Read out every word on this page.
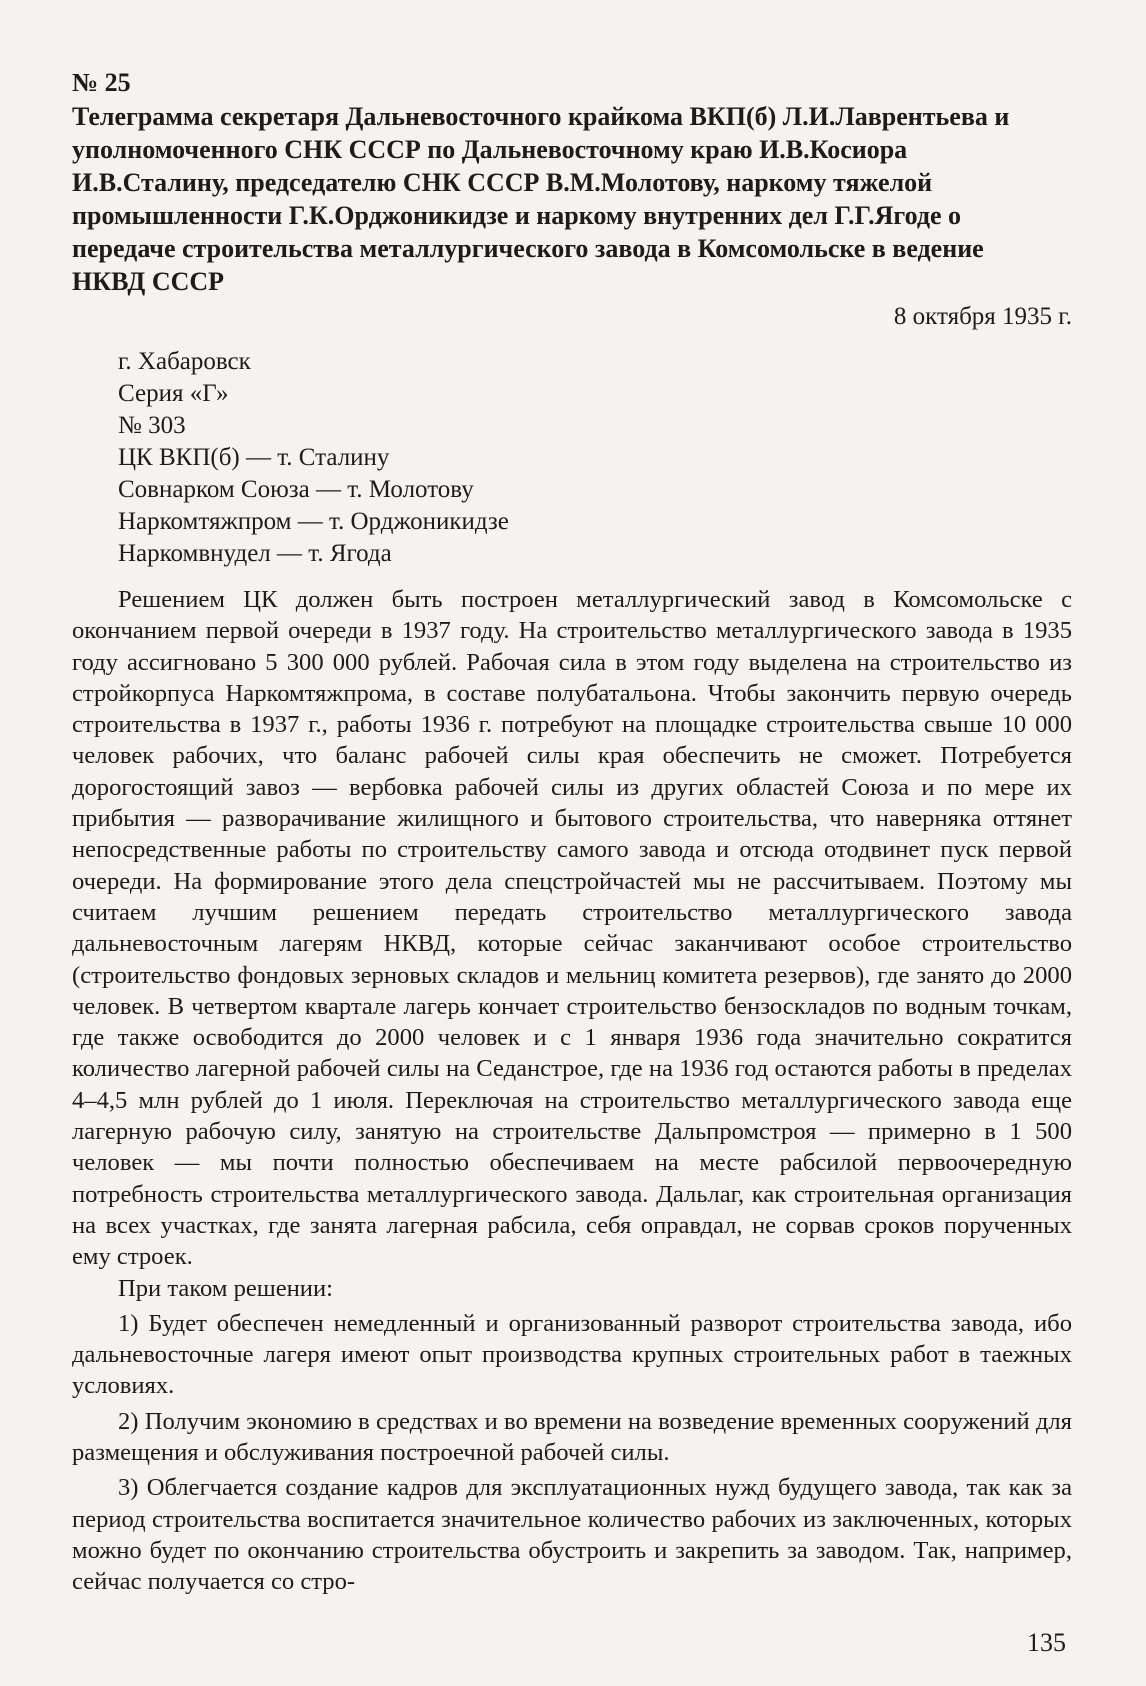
№ 25

Телеграмма секретаря Дальневосточного крайкома ВКП(б) Л.И.Лаврентьева и уполномоченного СНК СССР по Дальневосточному краю И.В.Косиора И.В.Сталину, председателю СНК СССР В.М.Молотову, наркому тяжелой промышленности Г.К.Орджоникидзе и наркому внутренних дел Г.Г.Ягоде о передаче строительства металлургического завода в Комсомольске в ведение НКВД СССР

8 октября 1935 г.

г. Хабаровск
Серия «Г»
№ 303
ЦК ВКП(б) — т. Сталину
Совнарком Союза — т. Молотову
Наркомтяжпром — т. Орджоникидзе
Наркомвнудел — т. Ягода

Решением ЦК должен быть построен металлургический завод в Комсомольске с окончанием первой очереди в 1937 году. На строительство металлургического завода в 1935 году ассигновано 5 300 000 рублей. Рабочая сила в этом году выделена на строительство из стройкорпуса Наркомтяжпрома, в составе полубатальона. Чтобы закончить первую очередь строительства в 1937 г., работы 1936 г. потребуют на площадке строительства свыше 10 000 человек рабочих, что баланс рабочей силы края обеспечить не сможет. Потребуется дорогостоящий завоз — вербовка рабочей силы из других областей Союза и по мере их прибытия — разворачивание жилищного и бытового строительства, что наверняка оттянет непосредственные работы по строительству самого завода и отсюда отодвинет пуск первой очереди. На формирование этого дела спецстройчастей мы не рассчитываем. Поэтому мы считаем лучшим решением передать строительство металлургического завода дальневосточным лагерям НКВД, которые сейчас заканчивают особое строительство (строительство фондовых зерновых складов и мельниц комитета резервов), где занято до 2000 человек. В четвертом квартале лагерь кончает строительство бензоскладов по водным точкам, где также освободится до 2000 человек и с 1 января 1936 года значительно сократится количество лагерной рабочей силы на Седанстрое, где на 1936 год остаются работы в пределах 4–4,5 млн рублей до 1 июля. Переключая на строительство металлургического завода еще лагерную рабочую силу, занятую на строительстве Дальпромстроя — примерно в 1 500 человек — мы почти полностью обеспечиваем на месте рабсилой первоочередную потребность строительства металлургического завода. Дальлаг, как строительная организация на всех участках, где занята лагерная рабсила, себя оправдал, не сорвав сроков порученных ему строек.

При таком решении:

1) Будет обеспечен немедленный и организованный разворот строительства завода, ибо дальневосточные лагеря имеют опыт производства крупных строительных работ в таежных условиях.

2) Получим экономию в средствах и во времени на возведение временных сооружений для размещения и обслуживания построечной рабочей силы.

3) Облегчается создание кадров для эксплуатационных нужд будущего завода, так как за период строительства воспитается значительное количество рабочих из заключенных, которых можно будет по окончанию строительства обустроить и закрепить за заводом. Так, например, сейчас получается со стро-

135
